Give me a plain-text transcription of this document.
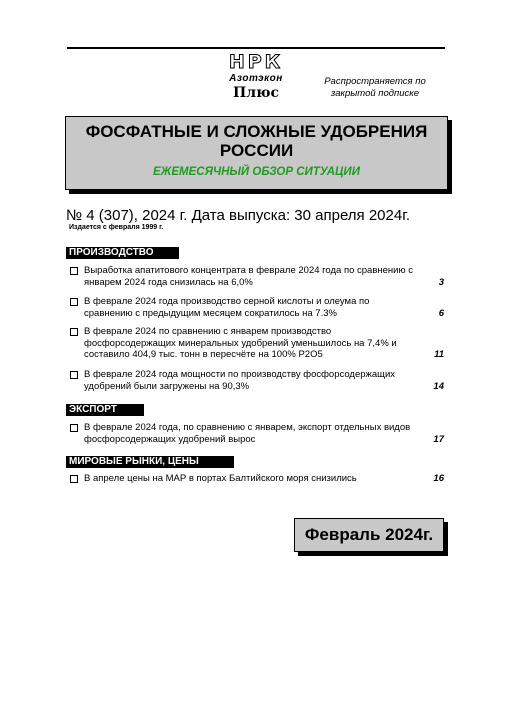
НРК
Азотэкон
Плюс
Распространяется по закрытой подписке
ФОСФАТНЫЕ И СЛОЖНЫЕ УДОБРЕНИЯ РОССИИ
ЕЖЕМЕСЯЧНЫЙ ОБЗОР СИТУАЦИИ
№ 4 (307), 2024 г. Дата выпуска: 30 апреля 2024г.
Издается с февраля 1999 г.
ПРОИЗВОДСТВО
Выработка апатитового концентрата в феврале 2024 года по сравнению с январем 2024 года снизилась на 6,0%	3
В феврале 2024 года производство серной кислоты и олеума по сравнению с предыдущим месяцем сократилось на 7.3%	6
В феврале 2024 по сравнению с январем производство фосфорсодержащих минеральных удобрений уменьшилось на 7,4% и составило 404,9 тыс. тонн в пересчёте на 100% P2O5	11
В феврале 2024 года мощности по производству фосфорсодержащих удобрений были загружены на 90,3%	14
ЭКСПОРТ
В феврале 2024 года, по сравнению с январем, экспорт отдельных видов фосфорсодержащих удобрений вырос	17
МИРОВЫЕ РЫНКИ, ЦЕНЫ
В апреле цены на МАР в портах Балтийского моря снизились	16
Февраль 2024г.
